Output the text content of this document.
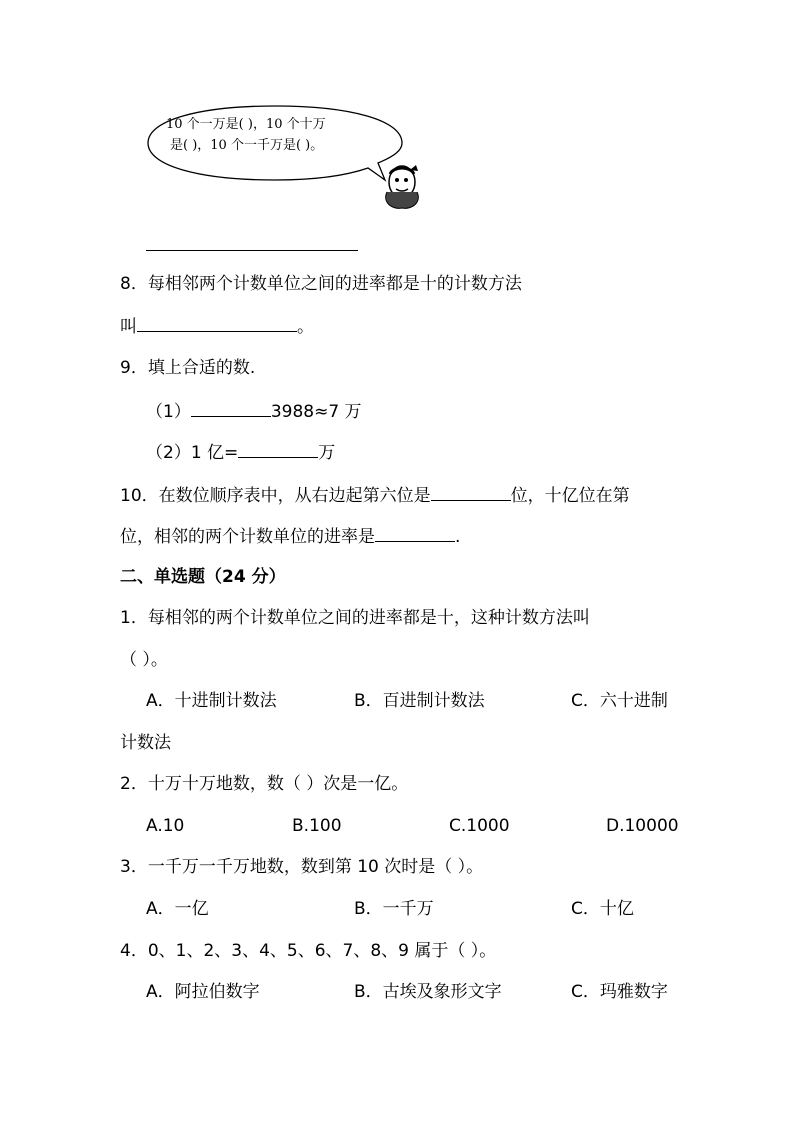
10 个一万是( )，10 个十万
是( )，10 个一千万是( )。
8．每相邻两个计数单位之间的进率都是十的计数方法
叫	。
9．填上合适的数.
（1）	3988≈7 万
（2）1 亿=	万
10．在数位顺序表中，从右边起第六位是	位，十亿位在第
位，相邻的两个计数单位的进率是	.
二、单选题（24 分）
1．每相邻的两个计数单位之间的进率都是十，这种计数方法叫
（ ）。
A．十进制计数法	B．百进制计数法	C．六十进制
计数法
2．十万十万地数，数（ ）次是一亿。
A.10	B.100	C.1000	D.10000
3．一千万一千万地数，数到第 10 次时是（ ）。
A．一亿	B．一千万	C．十亿
4．0、1、2、3、4、5、6、7、8、9 属于（ ）。
A．阿拉伯数字	B．古埃及象形文字	C．玛雅数字
